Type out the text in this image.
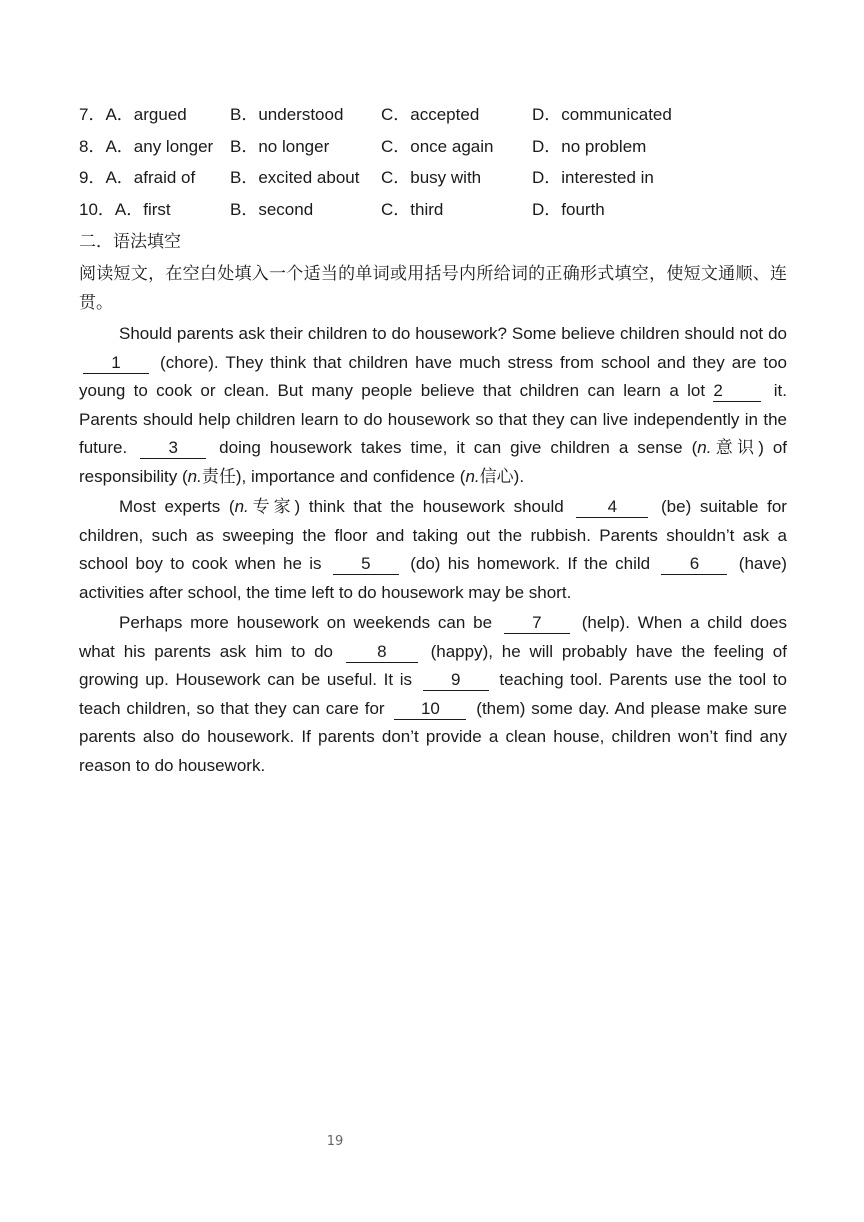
7．A．argued	B．understood C．accepted	D．communicated
8．A．any longer B．no longer	C．once again D．no problem
9．A．afraid of B．excited about C．busy with	D．interested in
10．A．first	B．second	C．third	D．fourth
二．语法填空
阅读短文，在空白处填入一个适当的单词或用括号内所给词的正确形式填空，使短文通顺、连贯。

Should parents ask their children to do housework? Some believe children should not do 1 (chore). They think that children have much stress from school and they are too young to cook or clean. But many people believe that children can learn a lot 2	it. Parents should help children learn to do housework so that they can live independently in the future. 3 doing housework takes time, it can give children a sense (n.意识) of responsibility (n.责任), importance and confidence (n.信心).

Most experts (n.专家) think that the housework should	4	(be) suitable for children, such as sweeping the floor and taking out the rubbish. Parents shouldn’t ask a school boy to cook when he is 5 (do) his homework. If the child 6 (have) activities after school, the time left to do housework may be short.

Perhaps more housework on weekends can be 7 (help). When a child does what his parents ask him to do	8	(happy), he will probably have the feeling of growing up. Housework can be useful. It is 9 teaching tool. Parents use the tool to teach children, so that they can care for 10 (them) some day. And please make sure parents also do housework. If parents don’t provide a clean house, children won’t find any reason to do housework.

19
